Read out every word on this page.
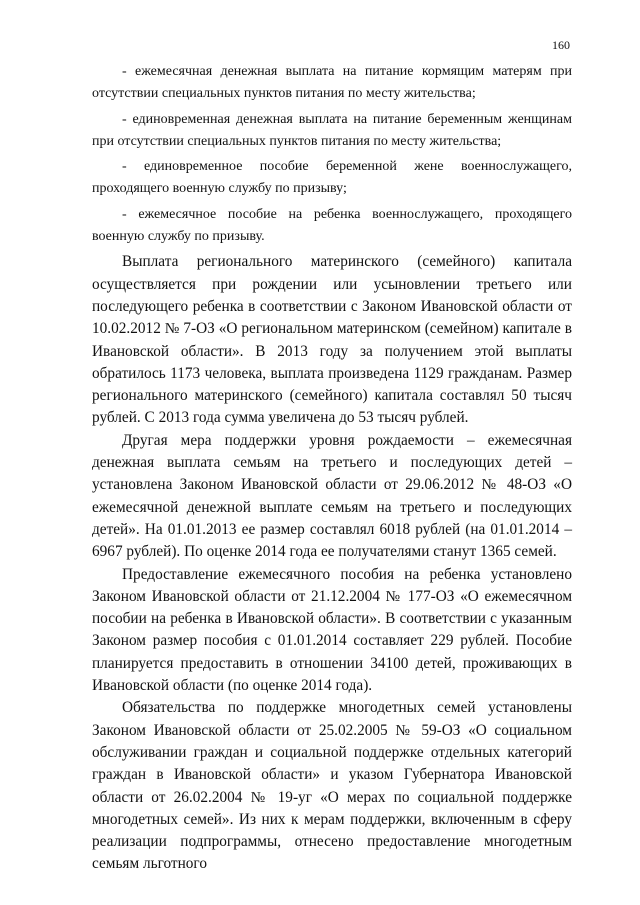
160

- ежемесячная денежная выплата на питание кормящим матерям при отсутствии специальных пунктов питания по месту жительства;

- единовременная денежная выплата на питание беременным женщинам при отсутствии специальных пунктов питания по месту жительства;

- единовременное пособие беременной жене военнослужащего, проходящего военную службу по призыву;

- ежемесячное пособие на ребенка военнослужащего, проходящего военную службу по призыву.

Выплата регионального материнского (семейного) капитала осуществляется при рождении или усыновлении третьего или последующего ребенка в соответствии с Законом Ивановской области от 10.02.2012 № 7-ОЗ «О региональном материнском (семейном) капитале в Ивановской области». В 2013 году за получением этой выплаты обратилось 1173 человека, выплата произведена 1129 гражданам. Размер регионального материнского (семейного) капитала составлял 50 тысяч рублей. С 2013 года сумма увеличена до 53 тысяч рублей.

Другая мера поддержки уровня рождаемости – ежемесячная денежная выплата семьям на третьего и последующих детей – установлена Законом Ивановской области от 29.06.2012 № 48-ОЗ «О ежемесячной денежной выплате семьям на третьего и последующих детей». На 01.01.2013 ее размер составлял 6018 рублей (на 01.01.2014 – 6967 рублей). По оценке 2014 года ее получателями станут 1365 семей.

Предоставление ежемесячного пособия на ребенка установлено Законом Ивановской области от 21.12.2004 № 177-ОЗ «О ежемесячном пособии на ребенка в Ивановской области». В соответствии с указанным Законом размер пособия с 01.01.2014 составляет 229 рублей. Пособие планируется предоставить в отношении 34100 детей, проживающих в Ивановской области (по оценке 2014 года).

Обязательства по поддержке многодетных семей установлены Законом Ивановской области от 25.02.2005 № 59-ОЗ «О социальном обслуживании граждан и социальной поддержке отдельных категорий граждан в Ивановской области» и указом Губернатора Ивановской области от 26.02.2004 № 19-уг «О мерах по социальной поддержке многодетных семей». Из них к мерам поддержки, включенным в сферу реализации подпрограммы, отнесено предоставление многодетным семьям льготного
